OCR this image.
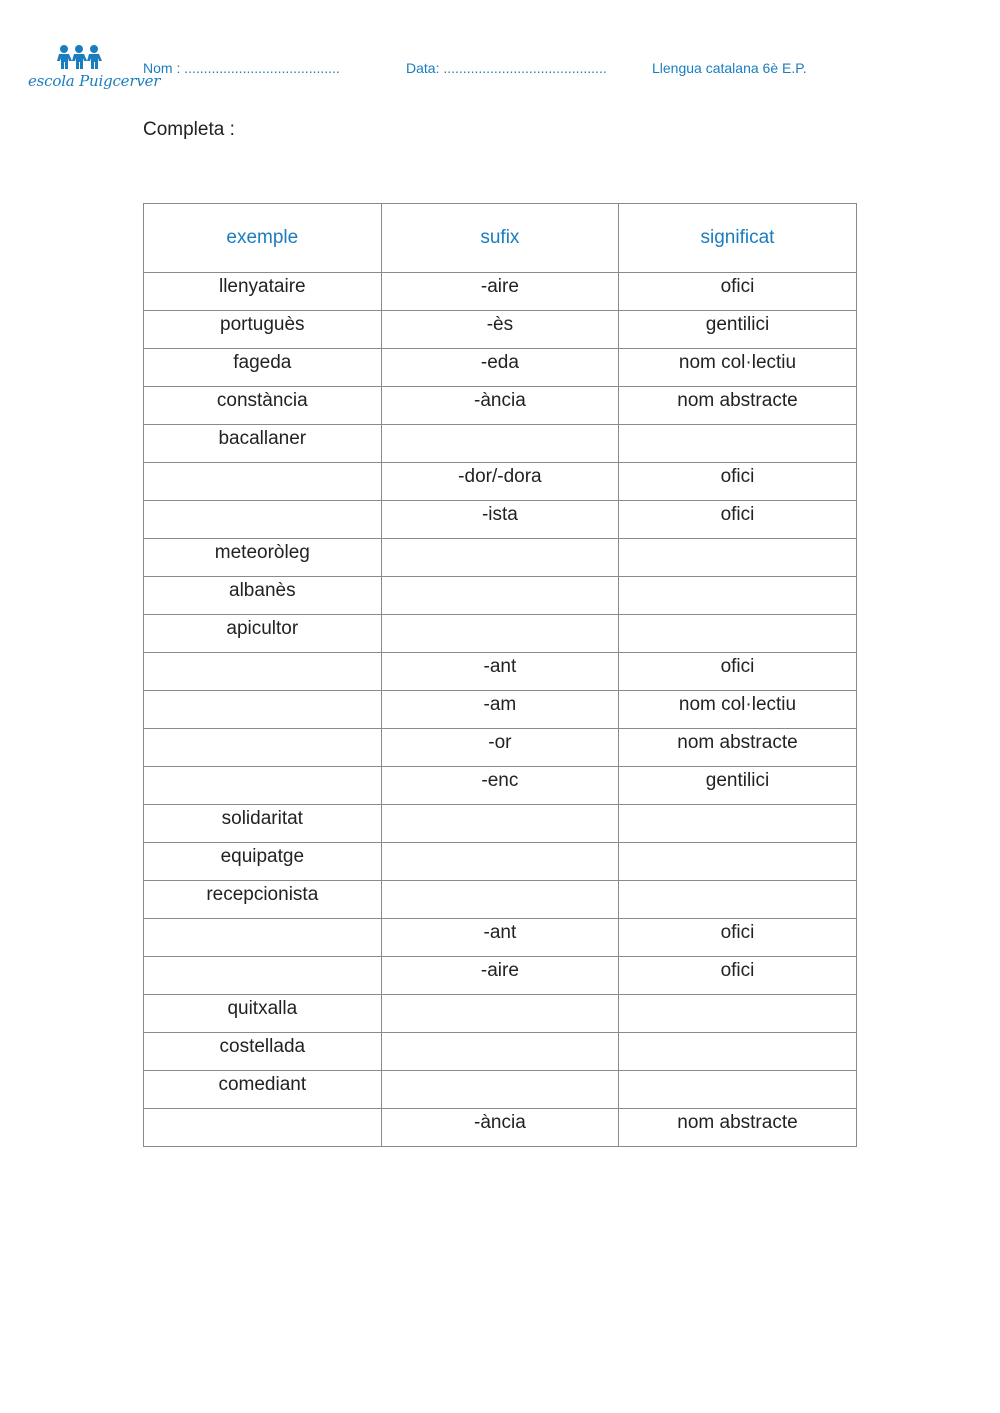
escola Puigcerver
Nom : ........................................	Data: ..........................................	Llengua catalana 6è E.P.
Completa :
exemple	sufix	significat
llenyataire	-aire	ofici
portuguès	-ès	gentilici
fageda	-eda	nom col·lectiu
constància	-ància	nom abstracte
bacallaner		
	-dor/-dora	ofici
	-ista	ofici
meteoròleg		
albanès		
apicultor		
	-ant	ofici
	-am	nom col·lectiu
	-or	nom abstracte
	-enc	gentilici
solidaritat		
equipatge		
recepcionista		
	-ant	ofici
	-aire	ofici
quitxalla		
costellada		
comediant		
	-ància	nom abstracte
